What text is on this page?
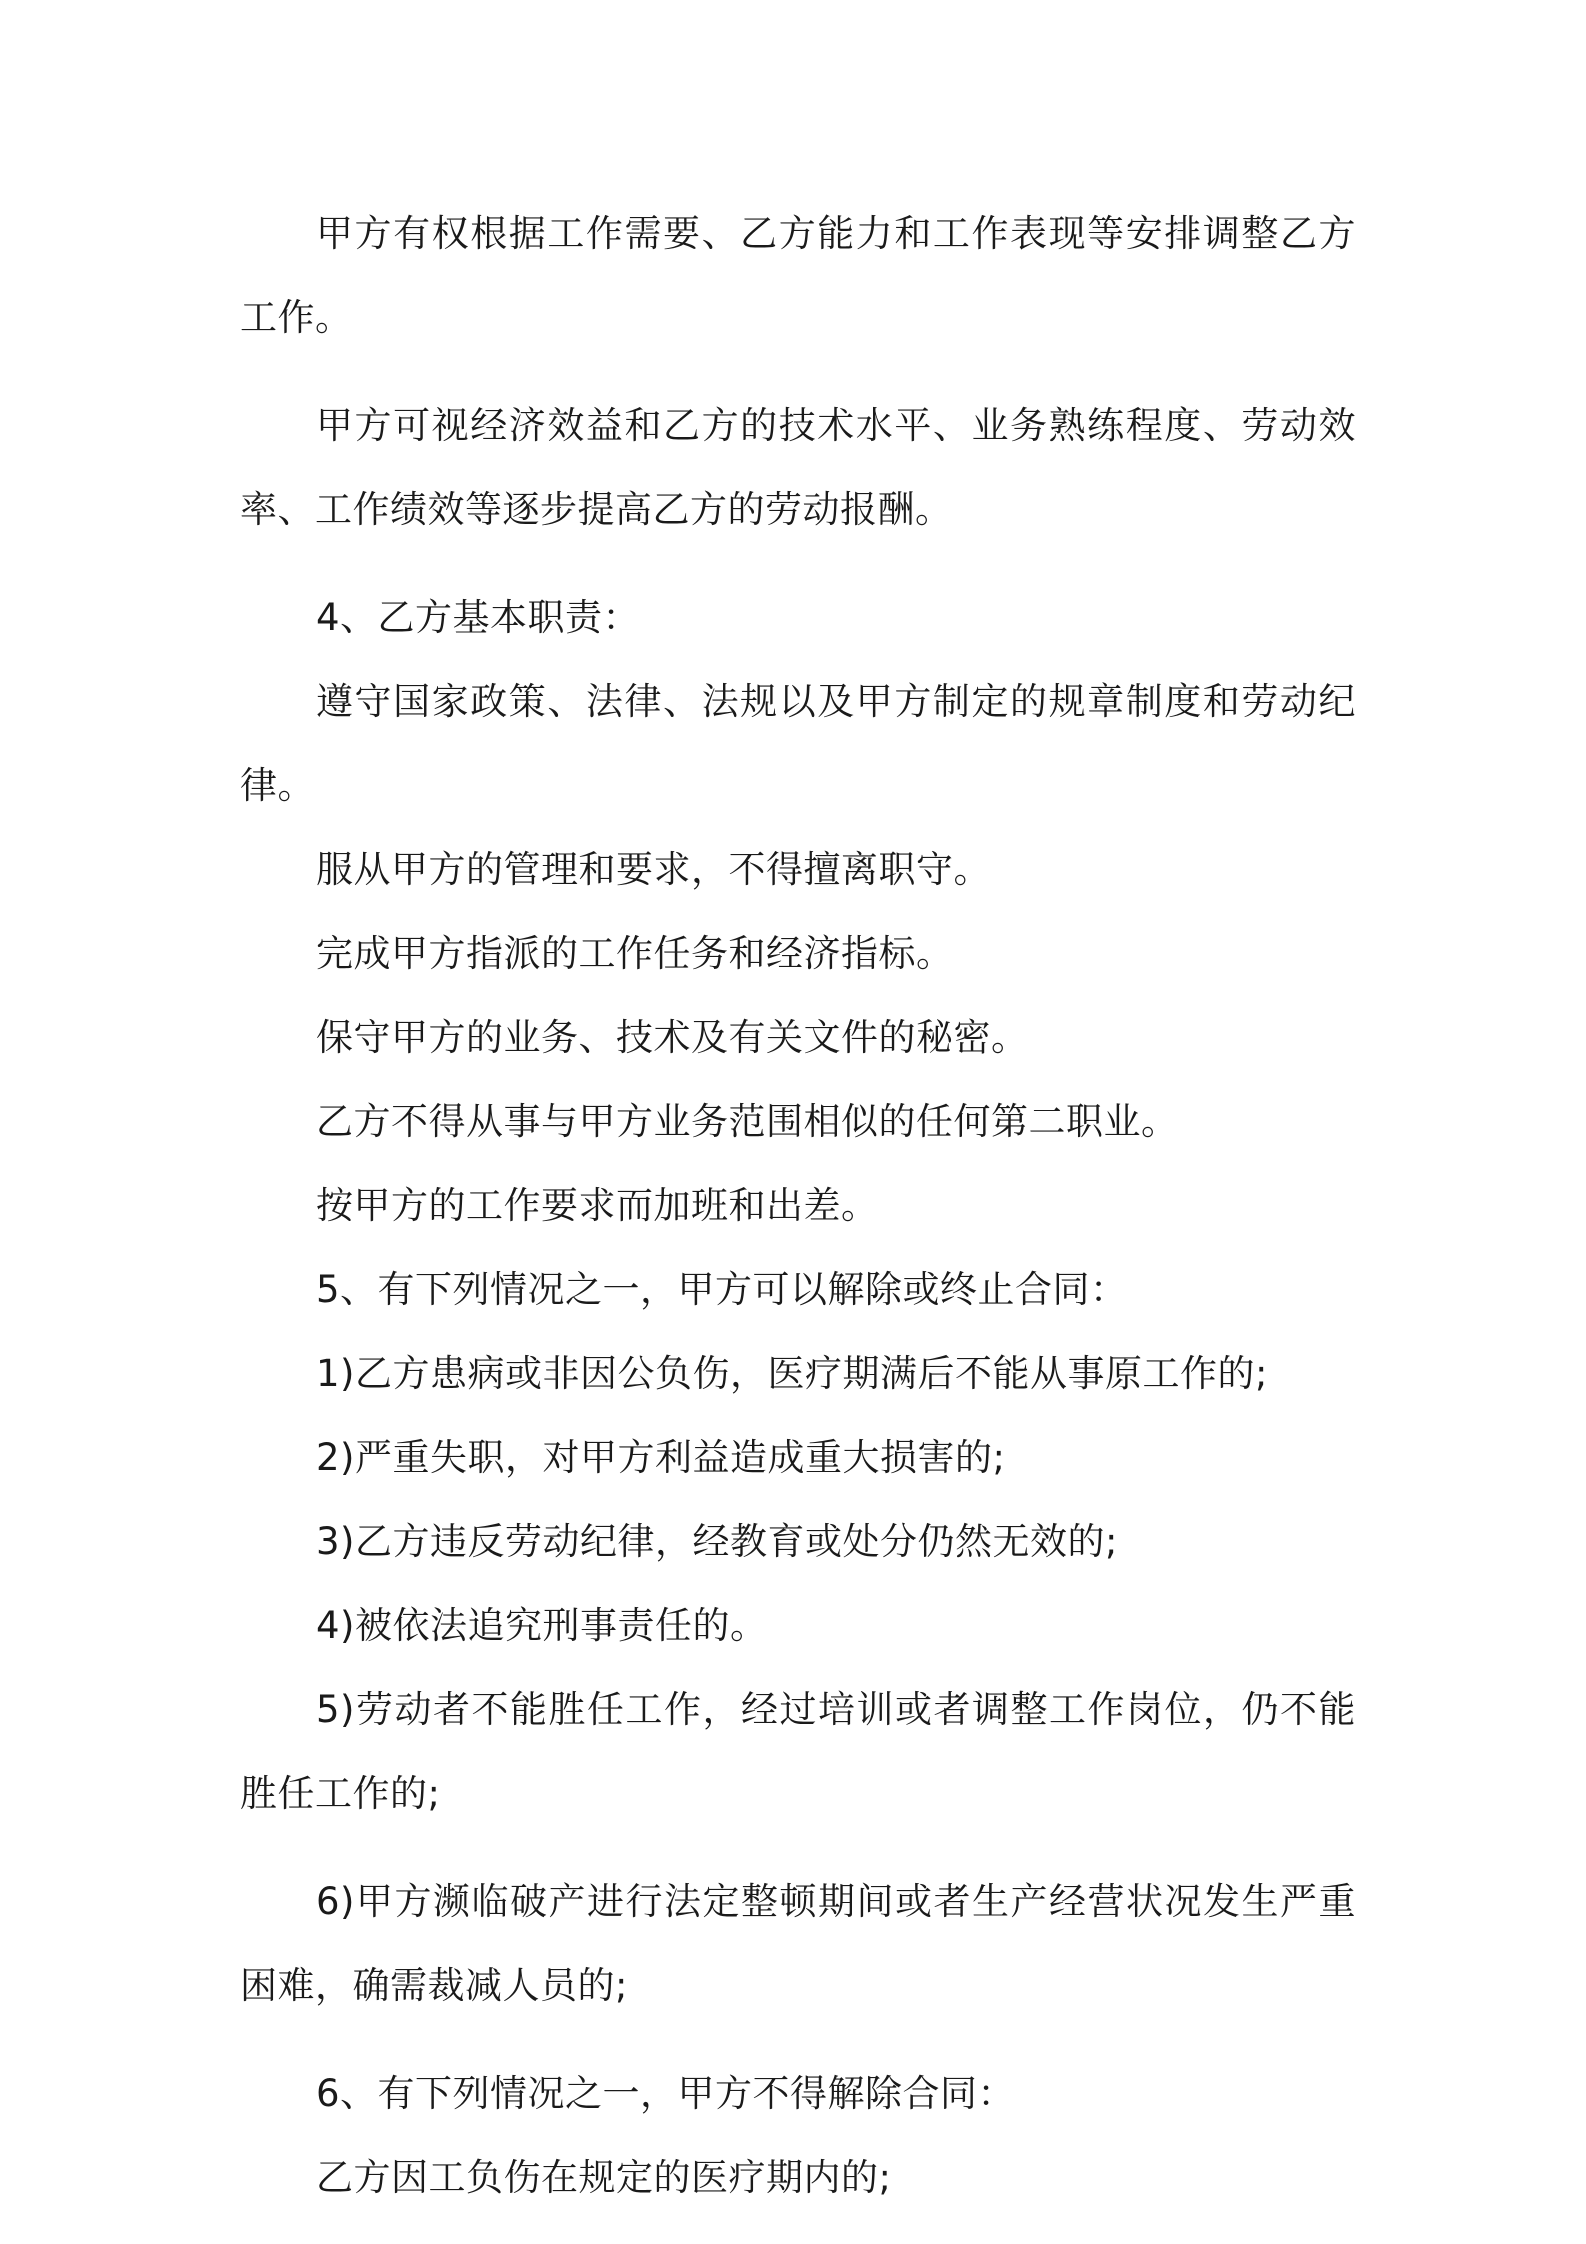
甲方有权根据工作需要、乙方能力和工作表现等安排调整乙方工作。

甲方可视经济效益和乙方的技术水平、业务熟练程度、劳动效率、工作绩效等逐步提高乙方的劳动报酬。

4、乙方基本职责：

遵守国家政策、法律、法规以及甲方制定的规章制度和劳动纪律。

服从甲方的管理和要求，不得擅离职守。

完成甲方指派的工作任务和经济指标。

保守甲方的业务、技术及有关文件的秘密。

乙方不得从事与甲方业务范围相似的任何第二职业。

按甲方的工作要求而加班和出差。

5、有下列情况之一，甲方可以解除或终止合同：

1)乙方患病或非因公负伤，医疗期满后不能从事原工作的;

2)严重失职，对甲方利益造成重大损害的;

3)乙方违反劳动纪律，经教育或处分仍然无效的;

4)被依法追究刑事责任的。

5)劳动者不能胜任工作，经过培训或者调整工作岗位，仍不能胜任工作的;

6)甲方濒临破产进行法定整顿期间或者生产经营状况发生严重困难，确需裁减人员的;

6、有下列情况之一，甲方不得解除合同：

乙方因工负伤在规定的医疗期内的;
